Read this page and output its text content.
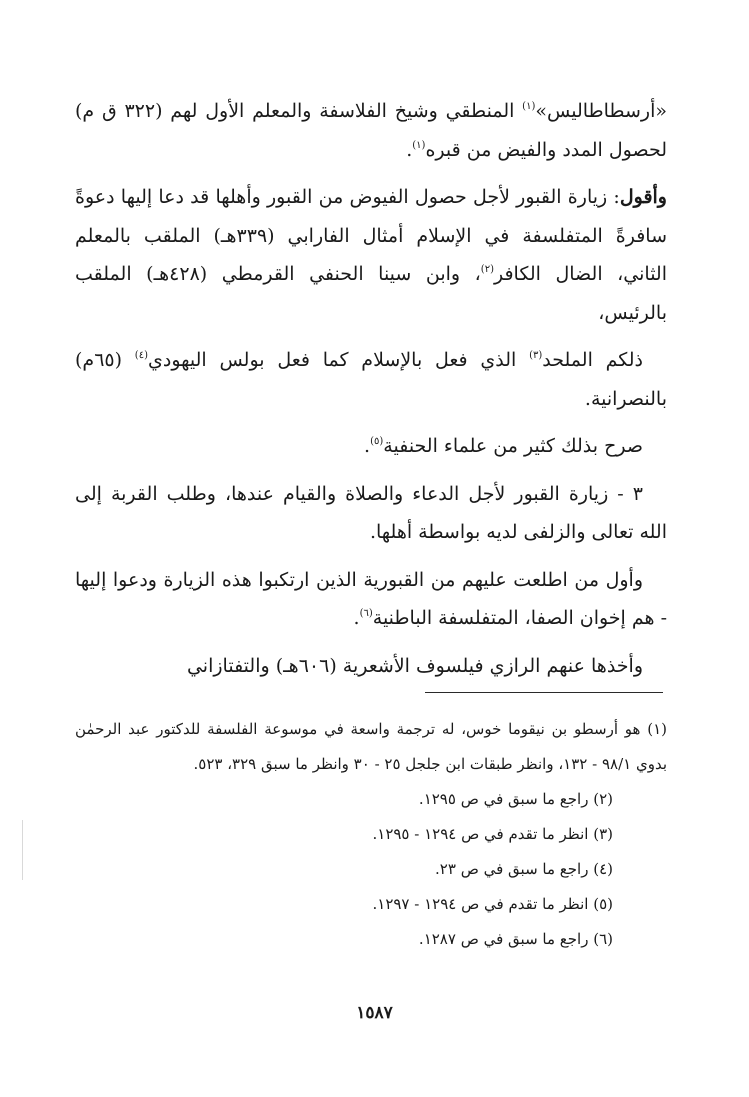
«أرسطاطاليس»$^{(١)}$ المنطقي وشيخ الفلاسفة والمعلم الأول لهم (٣٢٢ ق م) لحصول المدد والفيض من قبره$^{(١)}$.

وأقول: زيارة القبور لأجل حصول الفيوض من القبور وأهلها قد دعا إليها دعوةً سافرةً المتفلسفة في الإسلام أمثال الفارابي (٣٣٩هـ) الملقب بالمعلم الثاني، الضال الكافر$^{(٢)}$، وابن سينا الحنفي القرمطي (٤٢٨هـ) الملقب بالرئيس،

ذلكم الملحد$^{(٣)}$ الذي فعل بالإسلام كما فعل بولس اليهودي$^{(٤)}$ (٦٥م) بالنصرانية.

صرح بذلك كثير من علماء الحنفية$^{(٥)}$.

٣ - زيارة القبور لأجل الدعاء والصلاة والقيام عندها، وطلب القربة إلى الله تعالى والزلفى لديه بواسطة أهلها.

وأول من اطلعت عليهم من القبورية الذين ارتكبوا هذه الزيارة ودعوا إليها - هم إخوان الصفا، المتفلسفة الباطنية$^{(٦)}$.

وأخذها عنهم الرازي فيلسوف الأشعرية (٦٠٦هـ) والتفتازاني

(١) هو أرسطو بن نيقوما خوس، له ترجمة واسعة في موسوعة الفلسفة للدكتور عبد الرحمٰن بدوي ٩٨/١ - ١٣٢، وانظر طبقات ابن جلجل ٢٥ - ٣٠ وانظر ما سبق ٣٢٩، ٥٢٣.

(٢) راجع ما سبق في ص ١٢٩٥.

(٣) انظر ما تقدم في ص ١٢٩٤ - ١٢٩٥.

(٤) راجع ما سبق في ص ٢٣.

(٥) انظر ما تقدم في ص ١٢٩٤ - ١٢٩٧.

(٦) راجع ما سبق في ص ١٢٨٧.

١٥٨٧
